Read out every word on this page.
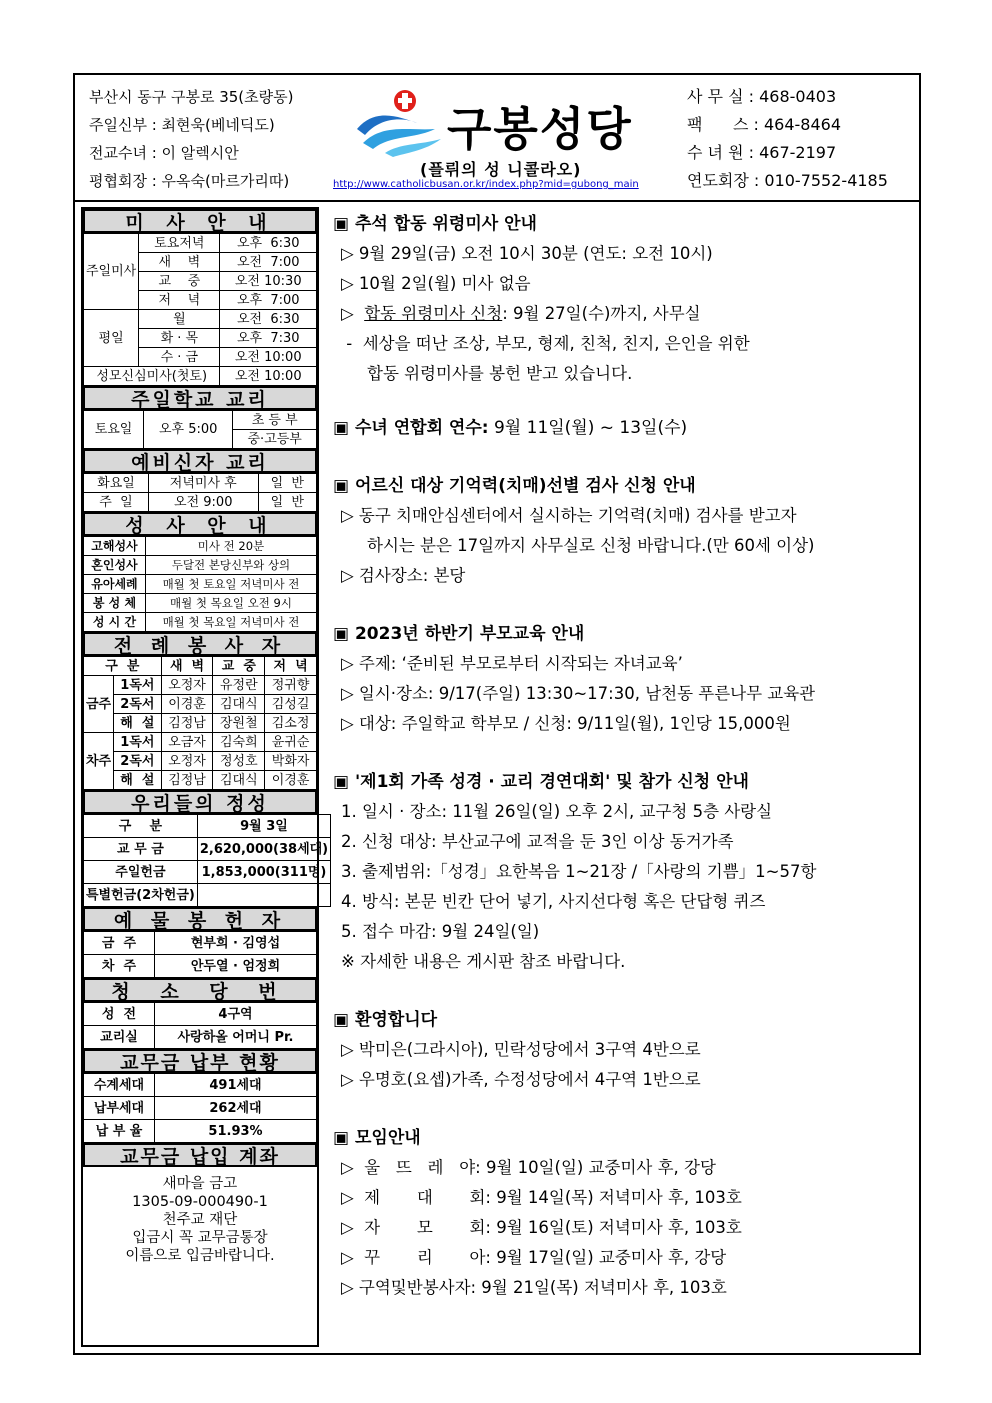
부산시 동구 구봉로 35(초량동)
주일신부 : 최현욱(베네딕도)
전교수녀 : 이 알렉시안
평협회장 : 우옥숙(마르가리따)
구봉성당
(플뤼의 성 니콜라오)
http://www.catholicbusan.or.kr/index.php?mid=gubong_main
사 무 실 : 468-0403
팩      스 : 464-8464
수 녀 원 : 467-2197
연도회장 : 010-7552-4185
미 사 안 내
주일미사	토요저녁	오후  6:30
	새    벽	오전  7:00
	교    중	오전 10:30
	저    녁	오후  7:00
평일	월	오전  6:30
	화 · 목	오후  7:30
	수 · 금	오전 10:00
성모신심미사(첫토)		오전 10:00
주일학교 교리
토요일	오후 5:00	초 등 부
중·고등부
예비신자 교리
화요일	저녁미사 후	일  반
주  일	오전 9:00	일  반
성 사 안 내
고해성사	미사 전 20분
혼인성사	두달전 본당신부와 상의
유아세례	매월 첫 토요일 저녁미사 전
봉 성 체	매월 첫 목요일 오전 9시
성 시 간	매월 첫 목요일 저녁미사 전
전 례 봉 사 자
구  분		새  벽	교  중	저  녁
금주	1독서	오정자	유정란	정귀향
	2독서	이경훈	김대식	김성길
	해  설	김정남	장원철	김소정
차주	1독서	오금자	김숙희	윤귀순
	2독서	오정자	정성호	박화자
	해  설	김정남	김대식	이경훈
우리들의 정성
구    분	9월 3일
교 무 금	2,620,000(38세대)
주일헌금	1,853,000(311명)
특별헌금(2차헌금)	
예 물 봉 헌 자
금  주	현부희 · 김영섭
차  주	안두열 · 엄정희
청 소 당 번
성  전	4구역
교리실	사랑하올 어머니 Pr.
교무금 납부 현황
수계세대	491세대
납부세대	262세대
납 부 율	51.93%
교무금 납입 계좌
새마을 금고
1305-09-000490-1
천주교 재단
입금시 꼭 교무금통장
이름으로 입금바랍니다.
▣ 추석 합동 위령미사 안내
▷ 9월 29일(금) 오전 10시 30분 (연도: 오전 10시)
▷ 10월 2일(월) 미사 없음
▷  합동 위령미사 신청: 9월 27일(수)까지, 사무실
-  세상을 떠난 조상, 부모, 형제, 친척, 친지, 은인을 위한
합동 위령미사를 봉헌 받고 있습니다.
▣ 수녀 연합회 연수: 9월 11일(월) ~ 13일(수)
▣ 어르신 대상 기억력(치매)선별 검사 신청 안내
▷ 동구 치매안심센터에서 실시하는 기억력(치매) 검사를 받고자
하시는 분은 17일까지 사무실로 신청 바랍니다.(만 60세 이상)
▷ 검사장소: 본당
▣ 2023년 하반기 부모교육 안내
▷ 주제: ‘준비된 부모로부터 시작되는 자녀교육’
▷ 일시·장소: 9/17(주일) 13:30~17:30, 남천동 푸른나무 교육관
▷ 대상: 주일학교 학부모 / 신청: 9/11일(월), 1인당 15,000원
▣ '제1회 가족 성경 · 교리 경연대회' 및 참가 신청 안내
1. 일시 · 장소: 11월 26일(일) 오후 2시, 교구청 5층 사랑실
2. 신청 대상: 부산교구에 교적을 둔 3인 이상 동거가족
3. 출제범위:「성경」요한복음 1~21장 /「사랑의 기쁨」1~57항
4. 방식: 본문 빈칸 단어 넣기, 사지선다형 혹은 단답형 퀴즈
5. 접수 마감: 9월 24일(일)
※ 자세한 내용은 게시판 참조 바랍니다.
▣ 환영합니다
▷ 박미은(그라시아), 민락성당에서 3구역 4반으로
▷ 우명호(요셉)가족, 수정성당에서 4구역 1반으로
▣ 모임안내
▷  울   뜨   레   야: 9월 10일(일) 교중미사 후, 강당
▷  제       대       회: 9월 14일(목) 저녁미사 후, 103호
▷  자       모       회: 9월 16일(토) 저녁미사 후, 103호
▷  꾸       리       아: 9월 17일(일) 교중미사 후, 강당
▷ 구역및반봉사자: 9월 21일(목) 저녁미사 후, 103호
